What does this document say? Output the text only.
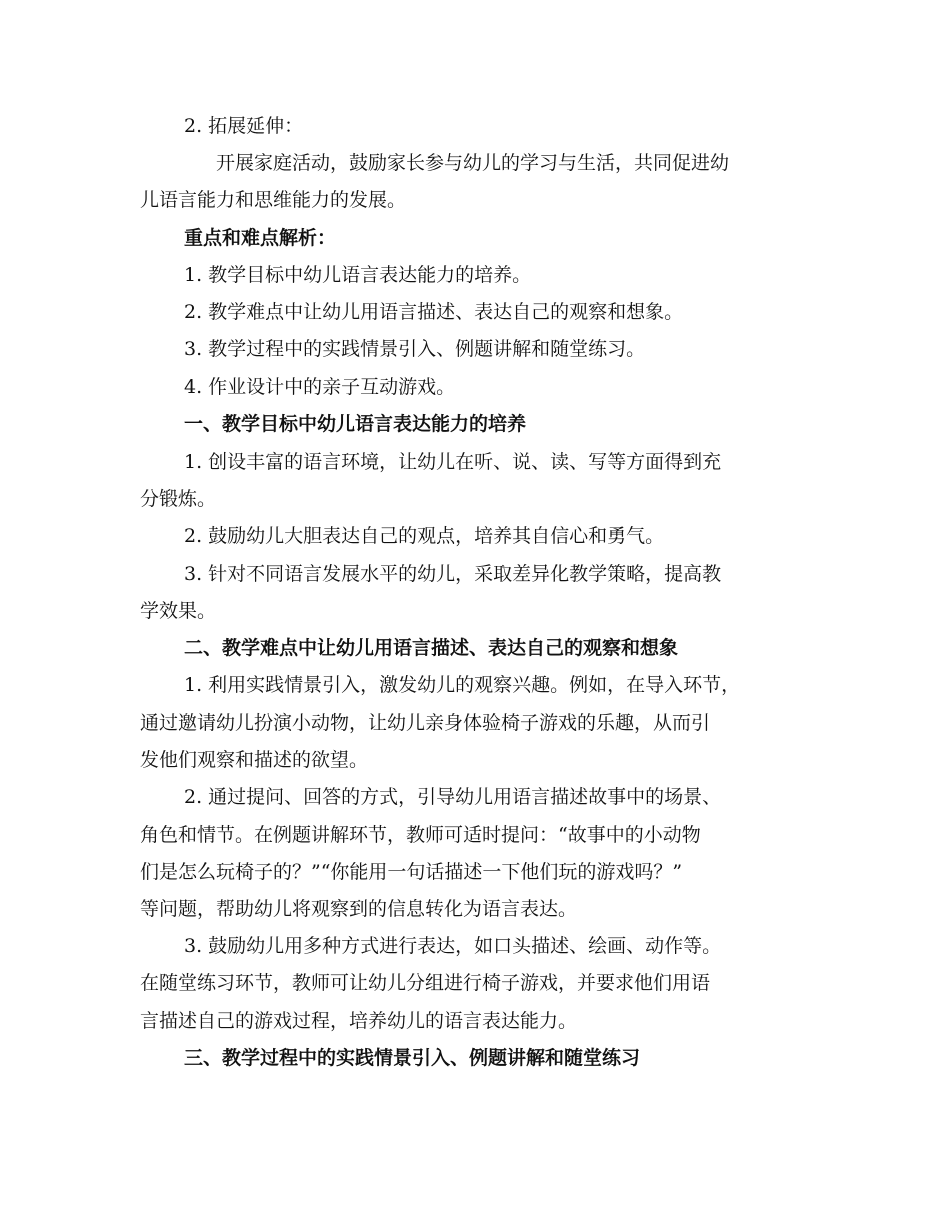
2. 拓展延伸：
开展家庭活动，鼓励家长参与幼儿的学习与生活，共同促进幼
儿语言能力和思维能力的发展。
重点和难点解析：
1. 教学目标中幼儿语言表达能力的培养。
2. 教学难点中让幼儿用语言描述、表达自己的观察和想象。
3. 教学过程中的实践情景引入、例题讲解和随堂练习。
4. 作业设计中的亲子互动游戏。
一、教学目标中幼儿语言表达能力的培养
1. 创设丰富的语言环境，让幼儿在听、说、读、写等方面得到充
分锻炼。
2. 鼓励幼儿大胆表达自己的观点，培养其自信心和勇气。
3. 针对不同语言发展水平的幼儿，采取差异化教学策略，提高教
学效果。
二、教学难点中让幼儿用语言描述、表达自己的观察和想象
1. 利用实践情景引入，激发幼儿的观察兴趣。例如，在导入环节，
通过邀请幼儿扮演小动物，让幼儿亲身体验椅子游戏的乐趣，从而引
发他们观察和描述的欲望。
2. 通过提问、回答的方式，引导幼儿用语言描述故事中的场景、
角色和情节。在例题讲解环节，教师可适时提问：“故事中的小动物
们是怎么玩椅子的？”“你能用一句话描述一下他们玩的游戏吗？”
等问题，帮助幼儿将观察到的信息转化为语言表达。
3. 鼓励幼儿用多种方式进行表达，如口头描述、绘画、动作等。
在随堂练习环节，教师可让幼儿分组进行椅子游戏，并要求他们用语
言描述自己的游戏过程，培养幼儿的语言表达能力。
三、教学过程中的实践情景引入、例题讲解和随堂练习
